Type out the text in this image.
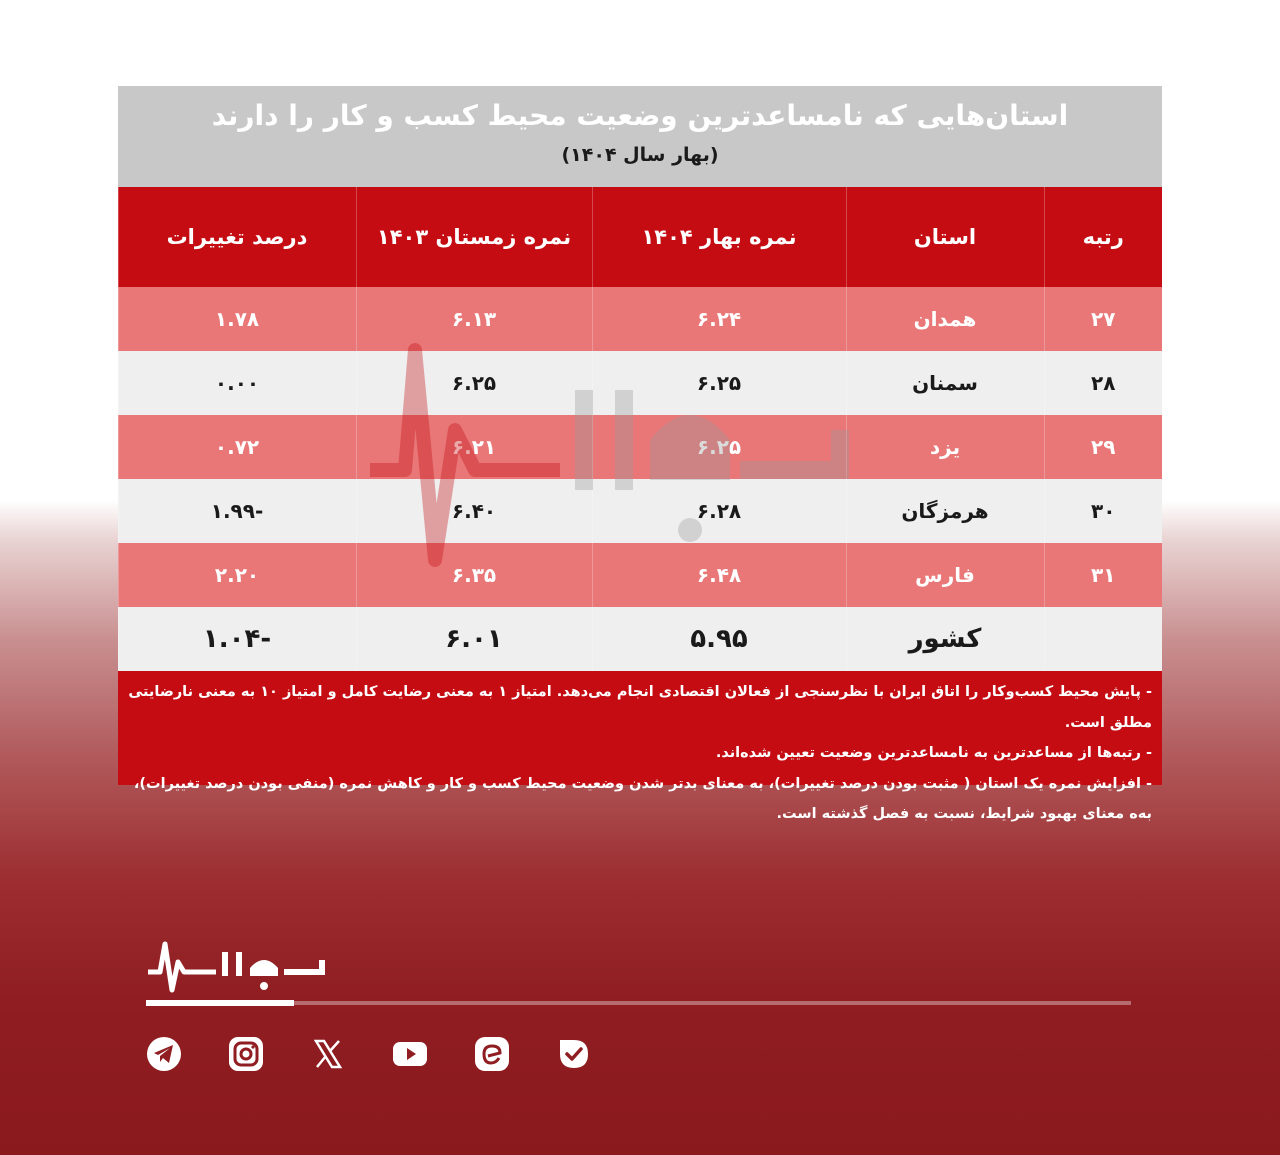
استان‌هایی که نامساعدترین وضعیت محیط کسب و کار را دارند
(بهار سال ۱۴۰۴)
رتبه	استان	نمره بهار ۱۴۰۴	نمره زمستان ۱۴۰۳	درصد تغییرات
۲۷	همدان	۶.۲۴	۶.۱۳	۱.۷۸
۲۸	سمنان	۶.۲۵	۶.۲۵	۰.۰۰
۲۹	یزد	۶.۲۵	۶.۲۱	۰.۷۲
۳۰	هرمزگان	۶.۲۸	۶.۴۰	-۱.۹۹
۳۱	فارس	۶.۴۸	۶.۳۵	۲.۲۰
	کشور	۵.۹۵	۶.۰۱	-۱.۰۴

- پایش محیط کسب‌وکار را اتاق ایران با نظرسنجی از فعالان اقتصادی انجام می‌دهد. امتیاز ۱ به معنی رضایت کامل و امتیاز ۱۰ به معنی نارضایتی مطلق است.

- رتبه‌ها از مساعدترین به نامساعدترین وضعیت تعیین شده‌اند.

- افزایش نمره یک استان ( مثبت بودن درصد تغییرات)، به معنای بدتر شدن وضعیت محیط کسب و کار و کاهش نمره (منفی بودن درصد تغییرات)، به‌ه معنای بهبود شرایط، نسبت به فصل گذشته است.
